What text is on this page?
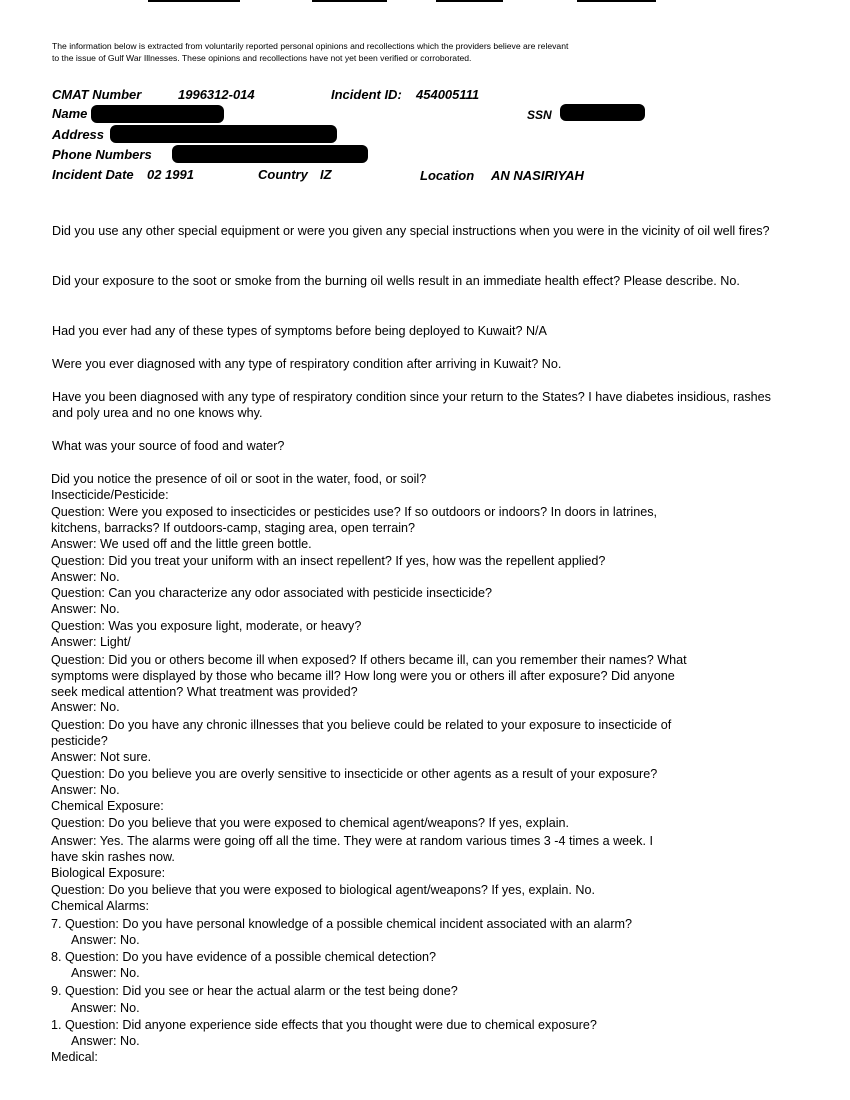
The information below is extracted from voluntarily reported personal opinions and recollections which the providers believe are relevant to the issue of Gulf War Illnesses. These opinions and recollections have not yet been verified or corroborated.
CMAT Number	1996312-014	Incident ID: 454005111
Name	SSN
Address
Phone Numbers
Incident Date 02 1991	Country IZ	Location AN NASIRIYAH
Did you use any other special equipment or were you given any special instructions when you were in the vicinity of oil well fires?
Did your exposure to the soot or smoke from the burning oil wells result in an immediate health effect? Please describe. No.
Had you ever had any of these types of symptoms before being deployed to Kuwait? N/A
Were you ever diagnosed with any type of respiratory condition after arriving in Kuwait? No.
Have you been diagnosed with any type of respiratory condition since your return to the States? I have diabetes insidious, rashes and poly urea and no one knows why.
What was your source of food and water?
Did you notice the presence of oil or soot in the water, food, or soil?
Insecticide/Pesticide:
Question: Were you exposed to insecticides or pesticides use? If so outdoors or indoors? In doors in latrines,
kitchens, barracks? If outdoors-camp, staging area, open terrain?
Answer: We used off and the little green bottle.
Question: Did you treat your uniform with an insect repellent? If yes, how was the repellent applied?
Answer: No.
Question: Can you characterize any odor associated with pesticide insecticide?
Answer: No.
Question: Was you exposure light, moderate, or heavy?
Answer: Light/
Question: Did you or others become ill when exposed? If others became ill, can you remember their names? What
symptoms were displayed by those who became ill? How long were you or others ill after exposure? Did anyone
seek medical attention? What treatment was provided?
Answer: No.
Question: Do you have any chronic illnesses that you believe could be related to your exposure to insecticide of
pesticide?
Answer: Not sure.
Question: Do you believe you are overly sensitive to insecticide or other agents as a result of your exposure?
Answer: No.
Chemical Exposure:
Question: Do you believe that you were exposed to chemical agent/weapons? If yes, explain.
Answer: Yes. The alarms were going off all the time. They were at random various times 3 -4 times a week. I
have skin rashes now.
Biological Exposure:
Question: Do you believe that you were exposed to biological agent/weapons? If yes, explain. No.
Chemical Alarms:
7. Question: Do you have personal knowledge of a possible chemical incident associated with an alarm?
Answer: No.
8. Question: Do you have evidence of a possible chemical detection?
Answer: No.
9. Question: Did you see or hear the actual alarm or the test being done?
Answer: No.
1. Question: Did anyone experience side effects that you thought were due to chemical exposure?
Answer: No.
Medical:
